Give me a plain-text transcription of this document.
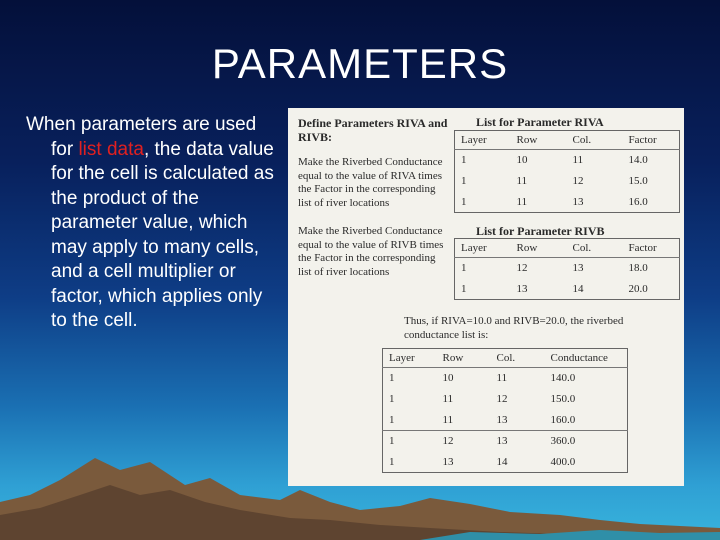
PARAMETERS
When parameters are used for list data, the data value for the cell is calculated as the product of the parameter value, which may apply to many cells, and a cell multiplier or factor, which applies only to the cell.
Define Parameters RIVA and RIVB:
Make the Riverbed Conductance equal to the value of RIVA times the Factor in the corresponding list of river locations
Make the Riverbed Conductance equal to the value of RIVB times the Factor in the corresponding list of river locations
List for Parameter RIVA
Layer	Row	Col.	Factor
1	10	11	14.0
1	11	12	15.0
1	11	13	16.0
List for Parameter RIVB
Layer	Row	Col.	Factor
1	12	13	18.0
1	13	14	20.0
Thus, if RIVA=10.0 and RIVB=20.0, the riverbed conductance list is:
Layer	Row	Col.	Conductance
1	10	11	140.0
1	11	12	150.0
1	11	13	160.0
1	12	13	360.0
1	13	14	400.0
